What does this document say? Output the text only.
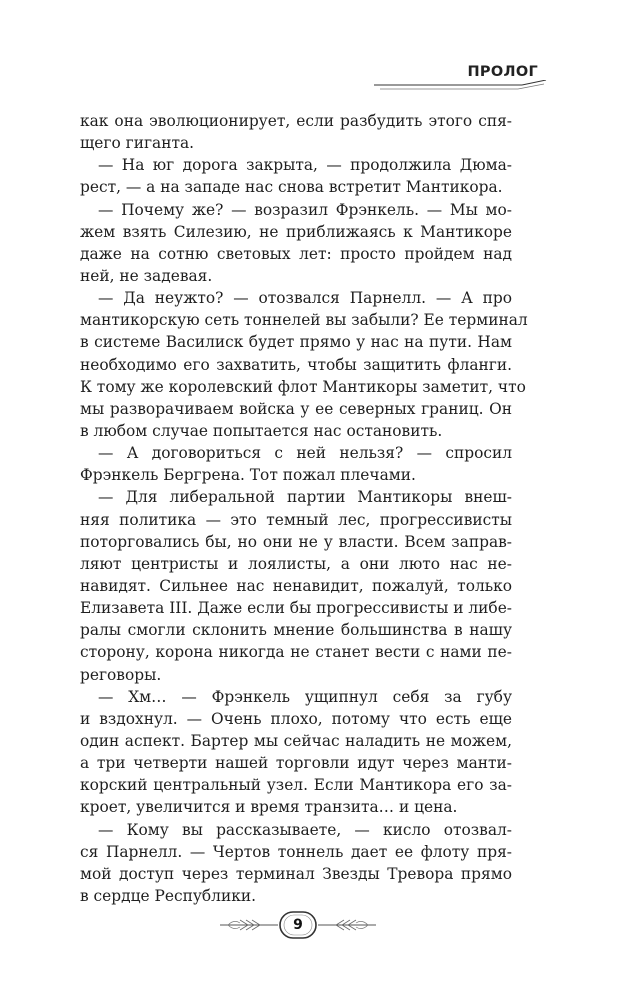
ПРОЛОГ
как она эволюционирует, если разбудить этого спя-
щего гиганта.
— На юг дорога закрыта, — продолжила Дюма-
рест, — а на западе нас снова встретит Мантикора.
— Почему же? — возразил Фрэнкель. — Мы мо-
жем взять Силезию, не приближаясь к Мантикоре
даже на сотню световых лет: просто пройдем над
ней, не задевая.
— Да неужто? — отозвался Парнелл. — А про
мантикорскую сеть тоннелей вы забыли? Ее терминал
в системе Василиск будет прямо у нас на пути. Нам
необходимо его захватить, чтобы защитить фланги.
К тому же королевский флот Мантикоры заметит, что
мы разворачиваем войска у ее северных границ. Он
в любом случае попытается нас остановить.
— А договориться с ней нельзя? — спросил
Фрэнкель Бергрена. Тот пожал плечами.
— Для либеральной партии Мантикоры внеш-
няя политика — это темный лес, прогрессивисты
поторговались бы, но они не у власти. Всем заправ-
ляют центристы и лоялисты, а они люто нас не-
навидят. Сильнее нас ненавидит, пожалуй, только
Елизавета III. Даже если бы прогрессивисты и либе-
ралы смогли склонить мнение большинства в нашу
сторону, корона никогда не станет вести с нами пе-
реговоры.
— Хм… — Фрэнкель ущипнул себя за губу
и вздохнул. — Очень плохо, потому что есть еще
один аспект. Бартер мы сейчас наладить не можем,
а три четверти нашей торговли идут через манти-
корский центральный узел. Если Мантикора его за-
кроет, увеличится и время транзита… и цена.
— Кому вы рассказываете, — кисло отозвал-
ся Парнелл. — Чертов тоннель дает ее флоту пря-
мой доступ через терминал Звезды Тревора прямо
в сердце Республики.
9
